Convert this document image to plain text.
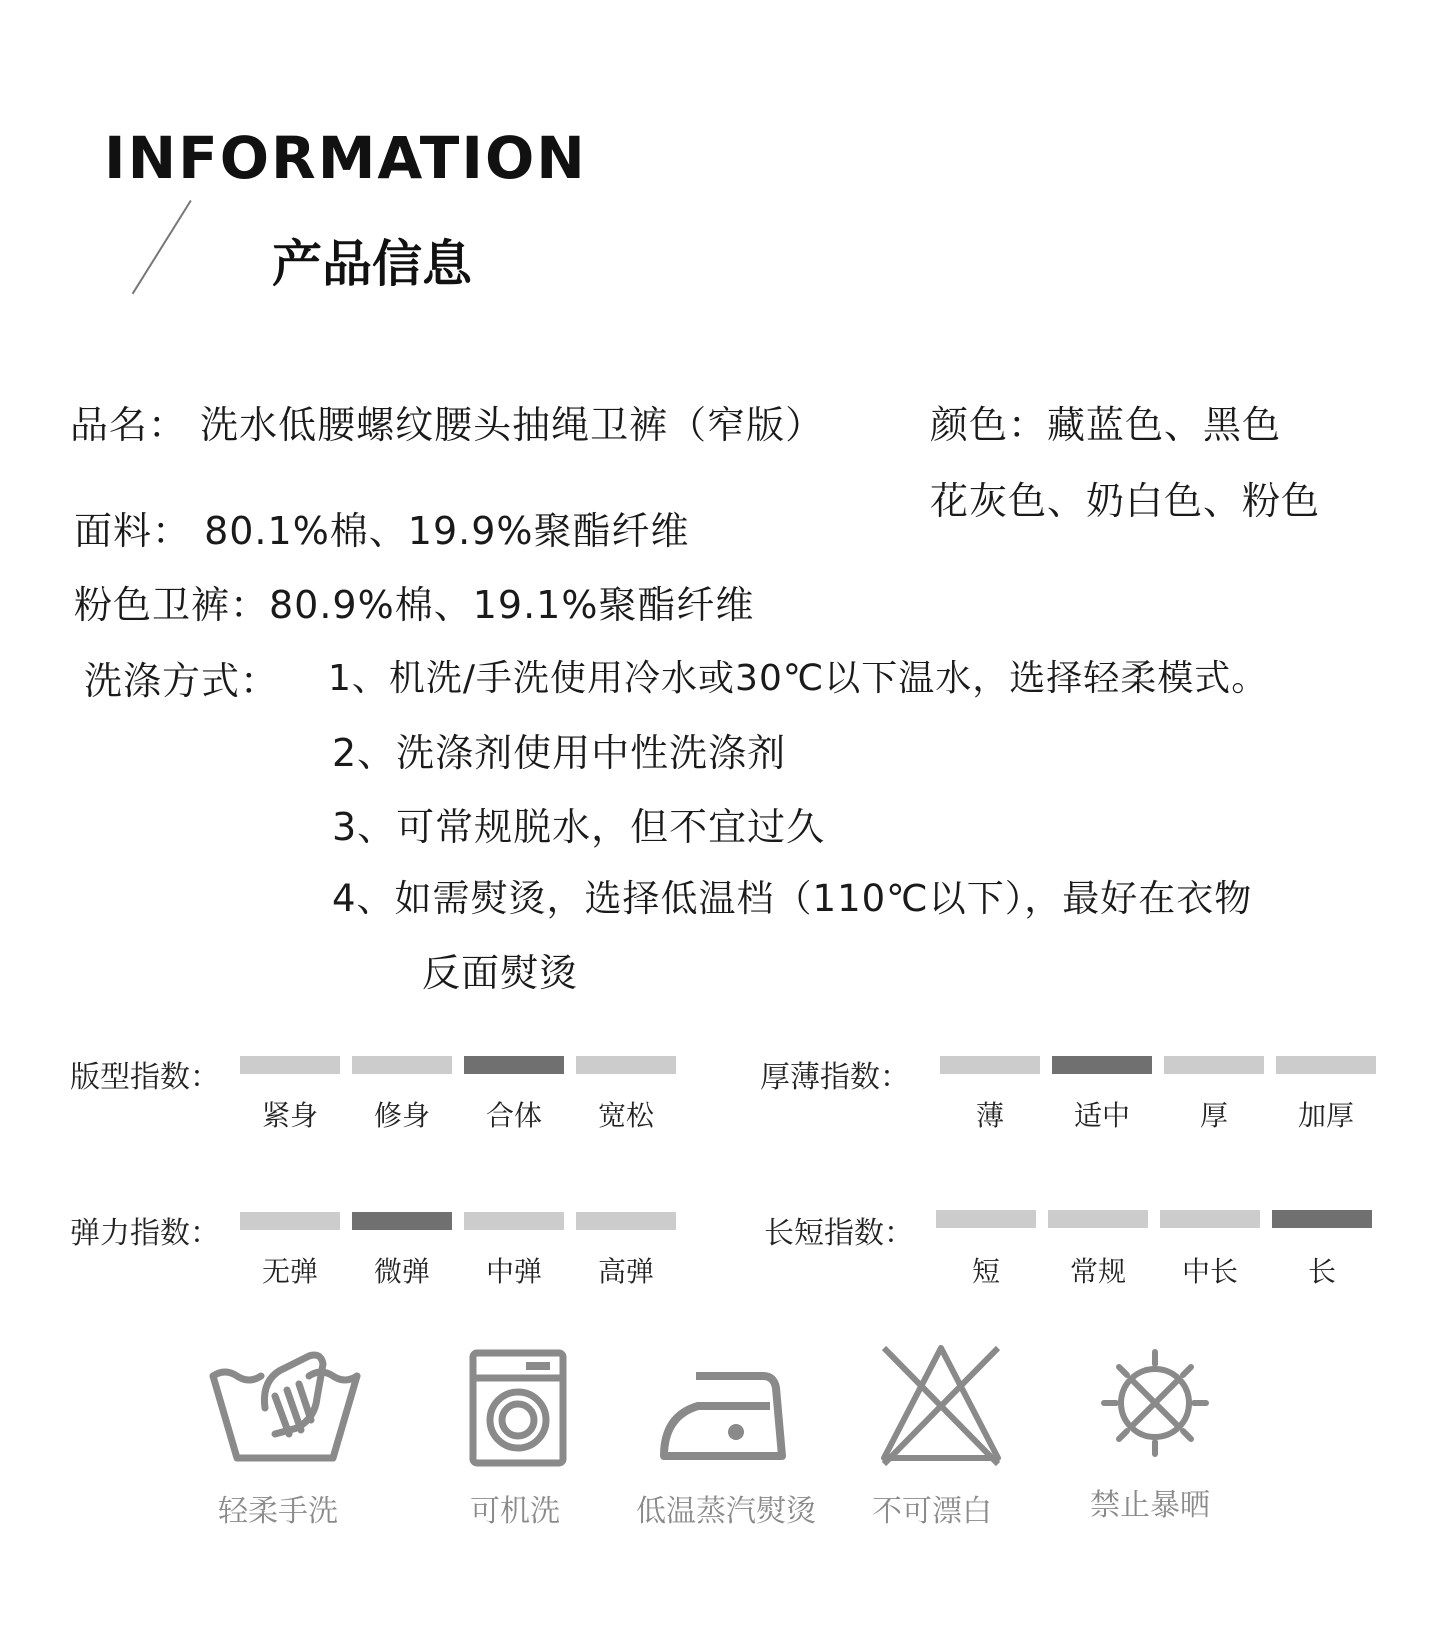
INFORMATION
产品信息
品名： 洗水低腰螺纹腰头抽绳卫裤（窄版）	颜色：藏蓝色、黑色
花灰色、奶白色、粉色
面料： 80.1%棉、19.9%聚酯纤维
粉色卫裤：80.9%棉、19.1%聚酯纤维
洗涤方式： 1、机洗/手洗使用冷水或30℃以下温水，选择轻柔模式。
2、洗涤剂使用中性洗涤剂
3、可常规脱水，但不宜过久
4、如需熨烫，选择低温档（110℃以下），最好在衣物
反面熨烫
版型指数：
紧身	修身	合体	宽松
厚薄指数：
薄	适中	厚	加厚
弹力指数：
无弹	微弹	中弹	高弹
长短指数：
短	常规	中长	长
轻柔手洗	可机洗	低温蒸汽熨烫 不可漂白	禁止暴晒
